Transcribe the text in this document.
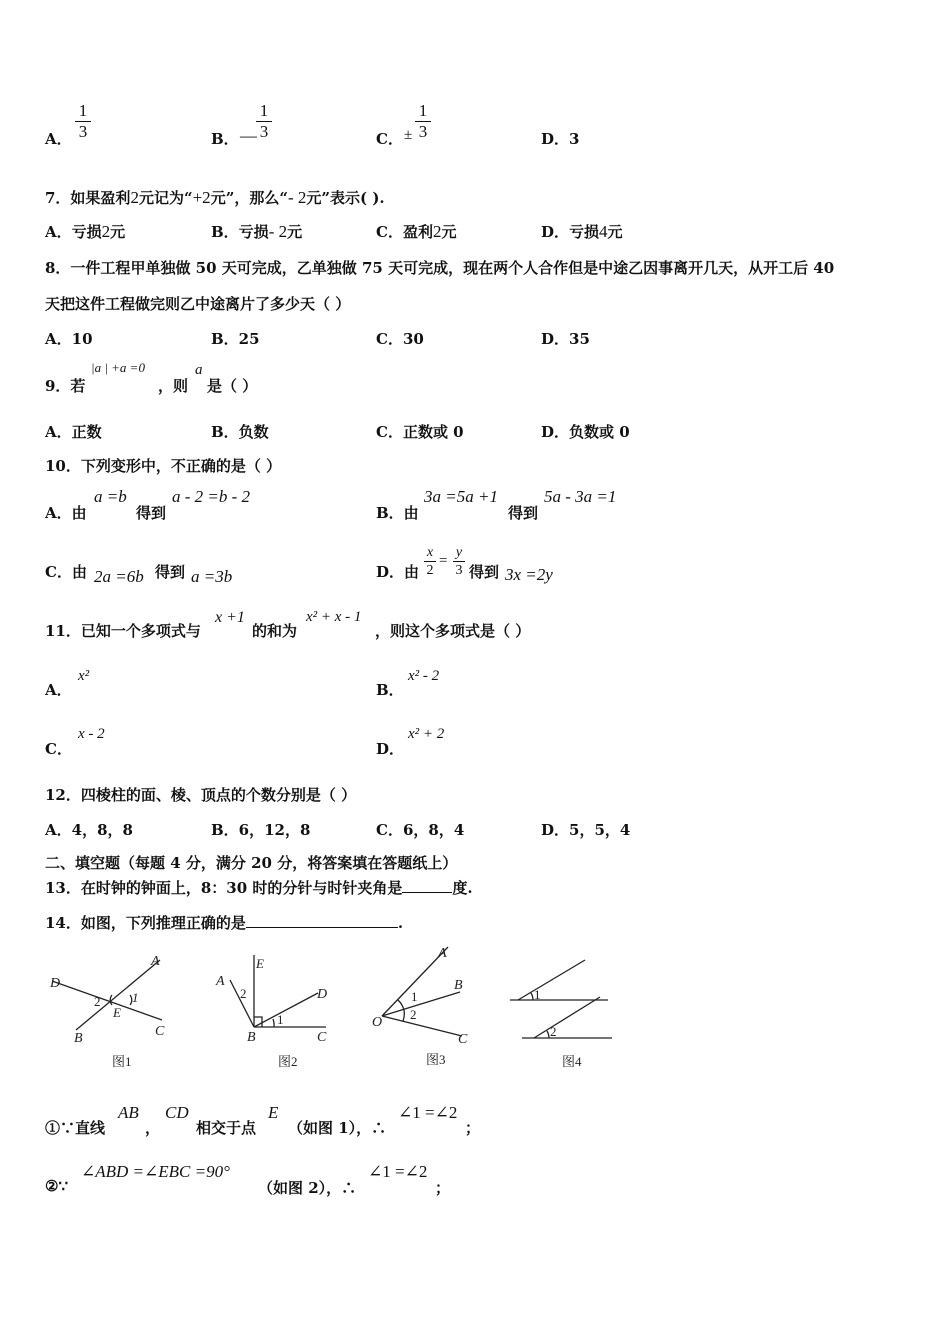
A．
1
3	B． —
1
3	C． ±
1
3	D．3
7．如果盈利2元记为“+2元”，那么“- 2元”表示( ).
A．亏损2元	B．亏损- 2元	C．盈利2元	D．亏损4元
8．一件工程甲单独做 50 天可完成，乙单独做 75 天可完成，现在两个人合作但是中途乙因事离开几天，从开工后 40
天把这件工程做完则乙中途离片了多少天（ ）
A．10	B．25	C．30	D．35
9．若
|a | +a =0
，则
a
是（ ）
A．正数	B．负数	C．正数或 0	D．负数或 0
10．下列变形中，不正确的是（ ）
A．由
a =b
得到
a - 2 =b - 2
B．由
3a =5a +1
得到
5a - 3a =1
C．由 2a =6b 得到 a =3b	D．由
x
2
=
y
3 得到 3x =2y
11．已知一个多项式与
x +1
的和为
x² + x - 1
，则这个多项式是（ ）
A．
x²
B．
x² - 2
C．
x - 2
D．
x² + 2
12．四棱柱的面、棱、顶点的个数分别是（ ）
A．4，8，8	B．6，12，8	C．6，8，4	D．5，5，4
二、填空题（每题 4 分，满分 20 分，将答案填在答题纸上）
13．在时钟的钟面上，8：30 时的分针与时针夹角是	度.
14．如图，下列推理正确的是	.
A
D
2 1
E
B	C
E
A
2	D
1
B	C
A
B
1
O
2
C
1
2
图1	图2	图3	图4
①∵直线
AB
，
CD
相交于点
E
（如图 1），∴
∠1 =∠2
；
②∵
∠ABD =∠EBC =90°
（如图 2），∴
∠1 =∠2
；
